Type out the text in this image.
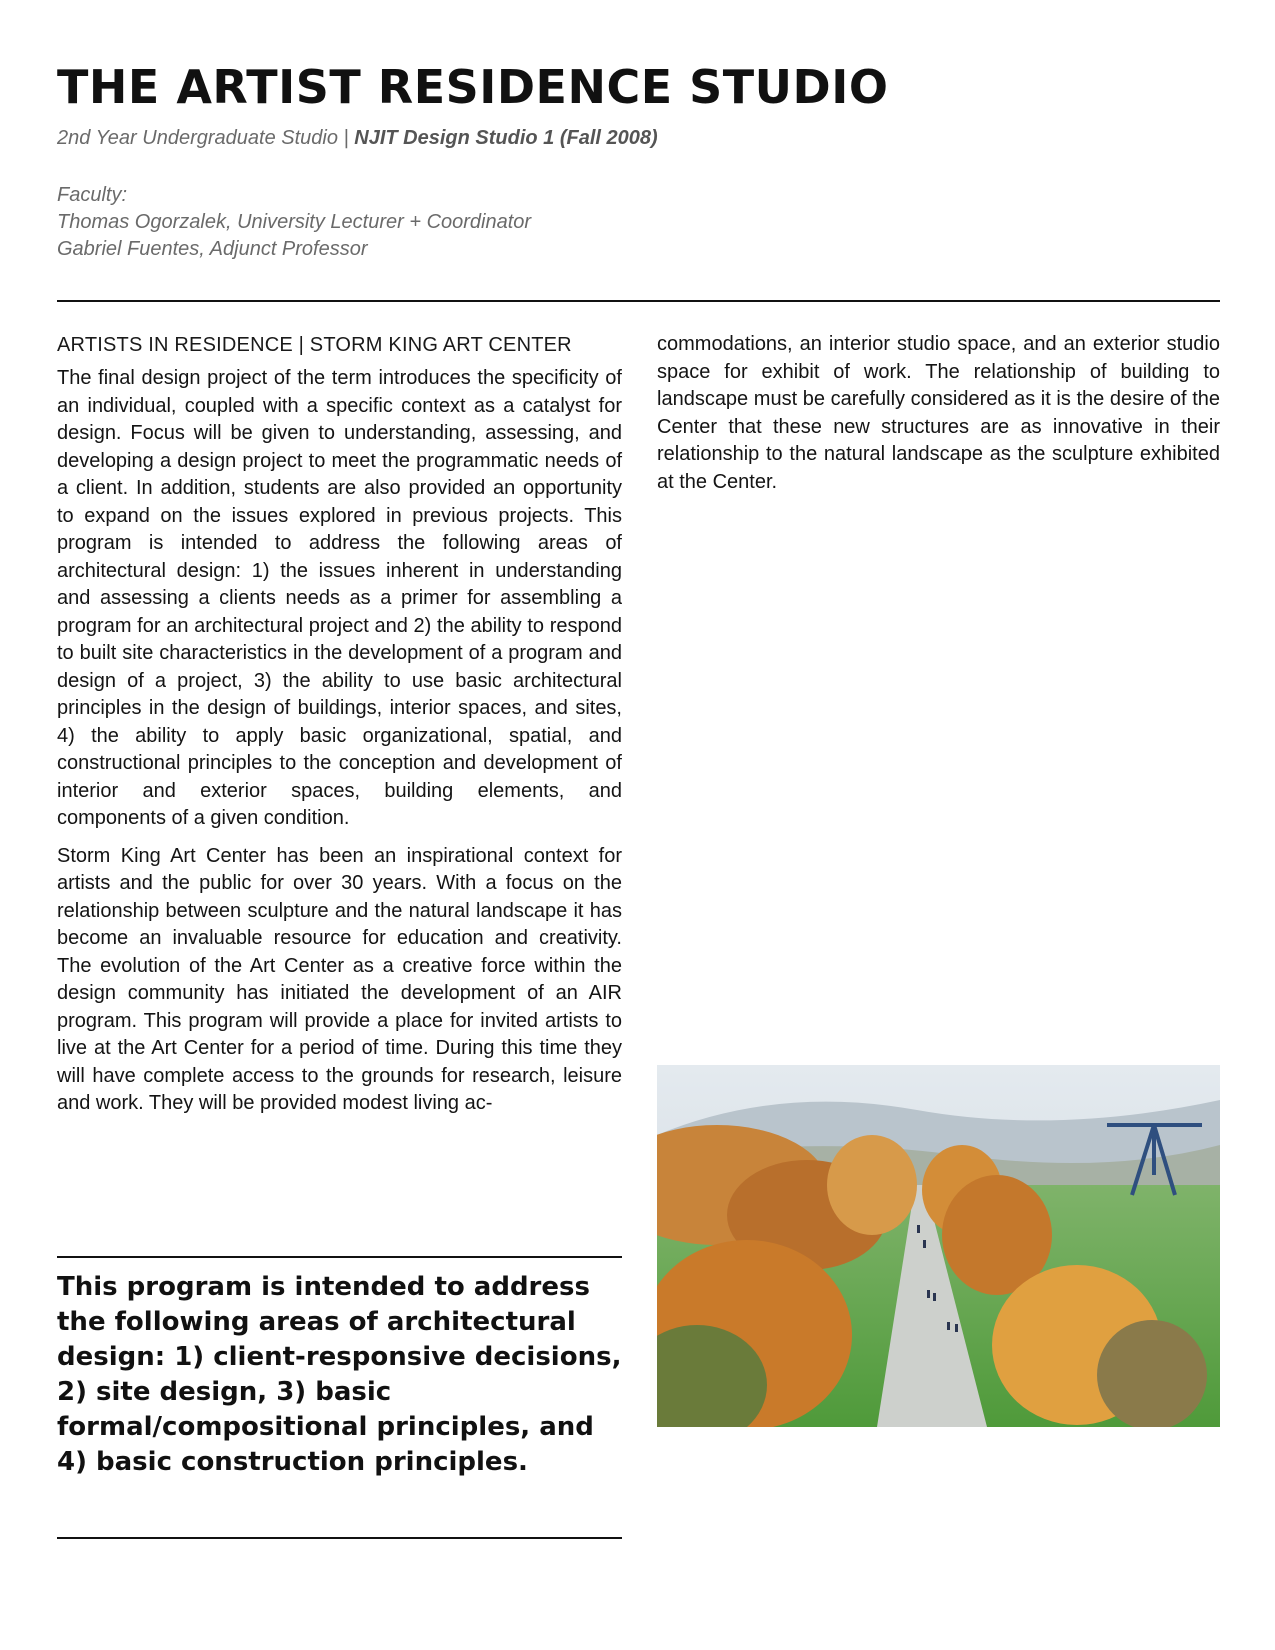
THE ARTIST RESIDENCE STUDIO
2nd Year Undergraduate Studio | NJIT Design Studio 1 (Fall 2008)
Faculty:
Thomas Ogorzalek, University Lecturer + Coordinator
Gabriel Fuentes, Adjunct Professor
ARTISTS IN RESIDENCE | STORM KING ART CENTER

The final design project of the term introduces the specificity of an individual, coupled with a specific context as a catalyst for design. Focus will be given to understanding, assessing, and developing a design project to meet the programmatic needs of a client. In addition, students are also provided an opportunity to expand on the issues explored in previous projects. This program is intended to address the following areas of architectural design: 1) the issues inherent in understanding and assessing a clients needs as a primer for assembling a program for an architectural project and 2) the ability to respond to built site characteristics in the development of a program and design of a project, 3) the ability to use basic architectural principles in the design of buildings, interior spaces, and sites, 4) the ability to apply basic organizational, spatial, and constructional principles to the conception and development of interior and exterior spaces, building elements, and components of a given condition.

Storm King Art Center has been an inspirational context for artists and the public for over 30 years. With a focus on the relationship between sculpture and the natural landscape it has become an invaluable resource for education and creativity. The evolution of the Art Center as a creative force within the design community has initiated the development of an AIR program. This program will provide a place for invited artists to live at the Art Center for a period of time. During this time they will have complete access to the grounds for research, leisure and work. They will be provided modest living ac-

commodations, an interior studio space, and an exterior studio space for exhibit of work. The relationship of building to landscape must be carefully considered as it is the desire of the Center that these new structures are as innovative in their relationship to the natural landscape as the sculpture exhibited at the Center.

This program is intended to address the following areas of architectural design: 1) client-responsive decisions, 2) site design, 3) basic formal/compositional principles, and 4) basic construction principles.
